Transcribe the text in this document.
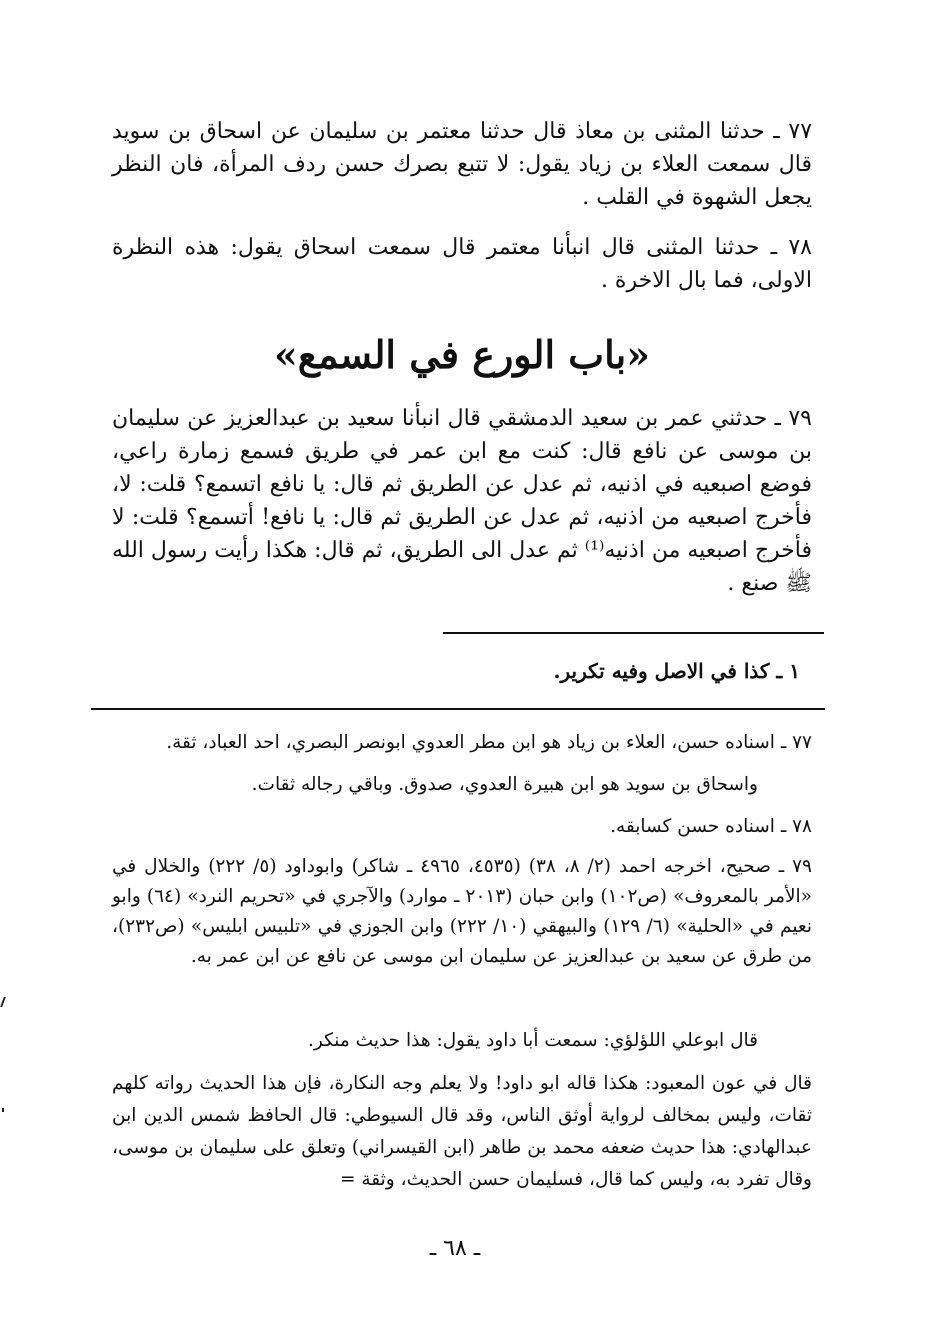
٧٧ ـ حدثنا المثنى بن معاذ قال حدثنا معتمر بن سليمان عن اسحاق بن سويد قال سمعت العلاء بن زياد يقول: لا تتبع بصرك حسن ردف المرأة، فان النظر يجعل الشهوة في القلب .

٧٨ ـ حدثنا المثنى قال انبأنا معتمر قال سمعت اسحاق يقول: هذه النظرة الاولى، فما بال الاخرة .

«باب الورع في السمع»

٧٩ ـ حدثني عمر بن سعيد الدمشقي قال انبأنا سعيد بن عبدالعزيز عن سليمان بن موسى عن نافع قال: كنت مع ابن عمر في طريق فسمع زمارة راعي، فوضع اصبعيه في اذنيه، ثم عدل عن الطريق ثم قال: يا نافع اتسمع؟ قلت: لا، فأخرج اصبعيه من اذنيه، ثم عدل عن الطريق ثم قال: يا نافع! أتسمع؟ قلت: لا فأخرج اصبعيه من اذنيه⁽¹⁾ ثم عدل الى الطريق، ثم قال: هكذا رأيت رسول الله ﷺ صنع .

١ ـ كذا في الاصل وفيه تكرير.

٧٧ ـ اسناده حسن، العلاء بن زياد هو ابن مطر العدوي ابونصر البصري، احد العباد، ثقة.

واسحاق بن سويد هو ابن هبيرة العدوي، صدوق. وباقي رجاله ثقات.

٧٨ ـ اسناده حسن كسابقه.

٧٩ ـ صحيح، اخرجه احمد (٢/ ٨، ٣٨) (٤٥٣٥، ٤٩٦٥ ـ شاكر) وابوداود (٥/ ٢٢٢) والخلال في «الأمر بالمعروف» (ص١٠٢) وابن حبان (٢٠١٣ ـ موارد) والآجري في «تحريم النرد» (٦٤) وابو نعيم في «الحلية» (٦/ ١٢٩) والبيهقي (١٠/ ٢٢٢) وابن الجوزي في «تلبيس ابليس» (ص٢٣٢)، من طرق عن سعيد بن عبدالعزيز عن سليمان ابن موسى عن نافع عن ابن عمر به.

قال ابوعلي اللؤلؤي: سمعت أبا داود يقول: هذا حديث منكر.

قال في عون المعبود: هكذا قاله ابو داود! ولا يعلم وجه النكارة، فإن هذا الحديث رواته كلهم ثقات، وليس بمخالف لرواية أوثق الناس، وقد قال السيوطي: قال الحافظ شمس الدين ابن عبدالهادي: هذا حديث ضعفه محمد بن طاهر (ابن القيسراني) وتعلق على سليمان بن موسى، وقال تفرد به، وليس كما قال، فسليمان حسن الحديث، وثقة =

ـ ٦٨ ـ
